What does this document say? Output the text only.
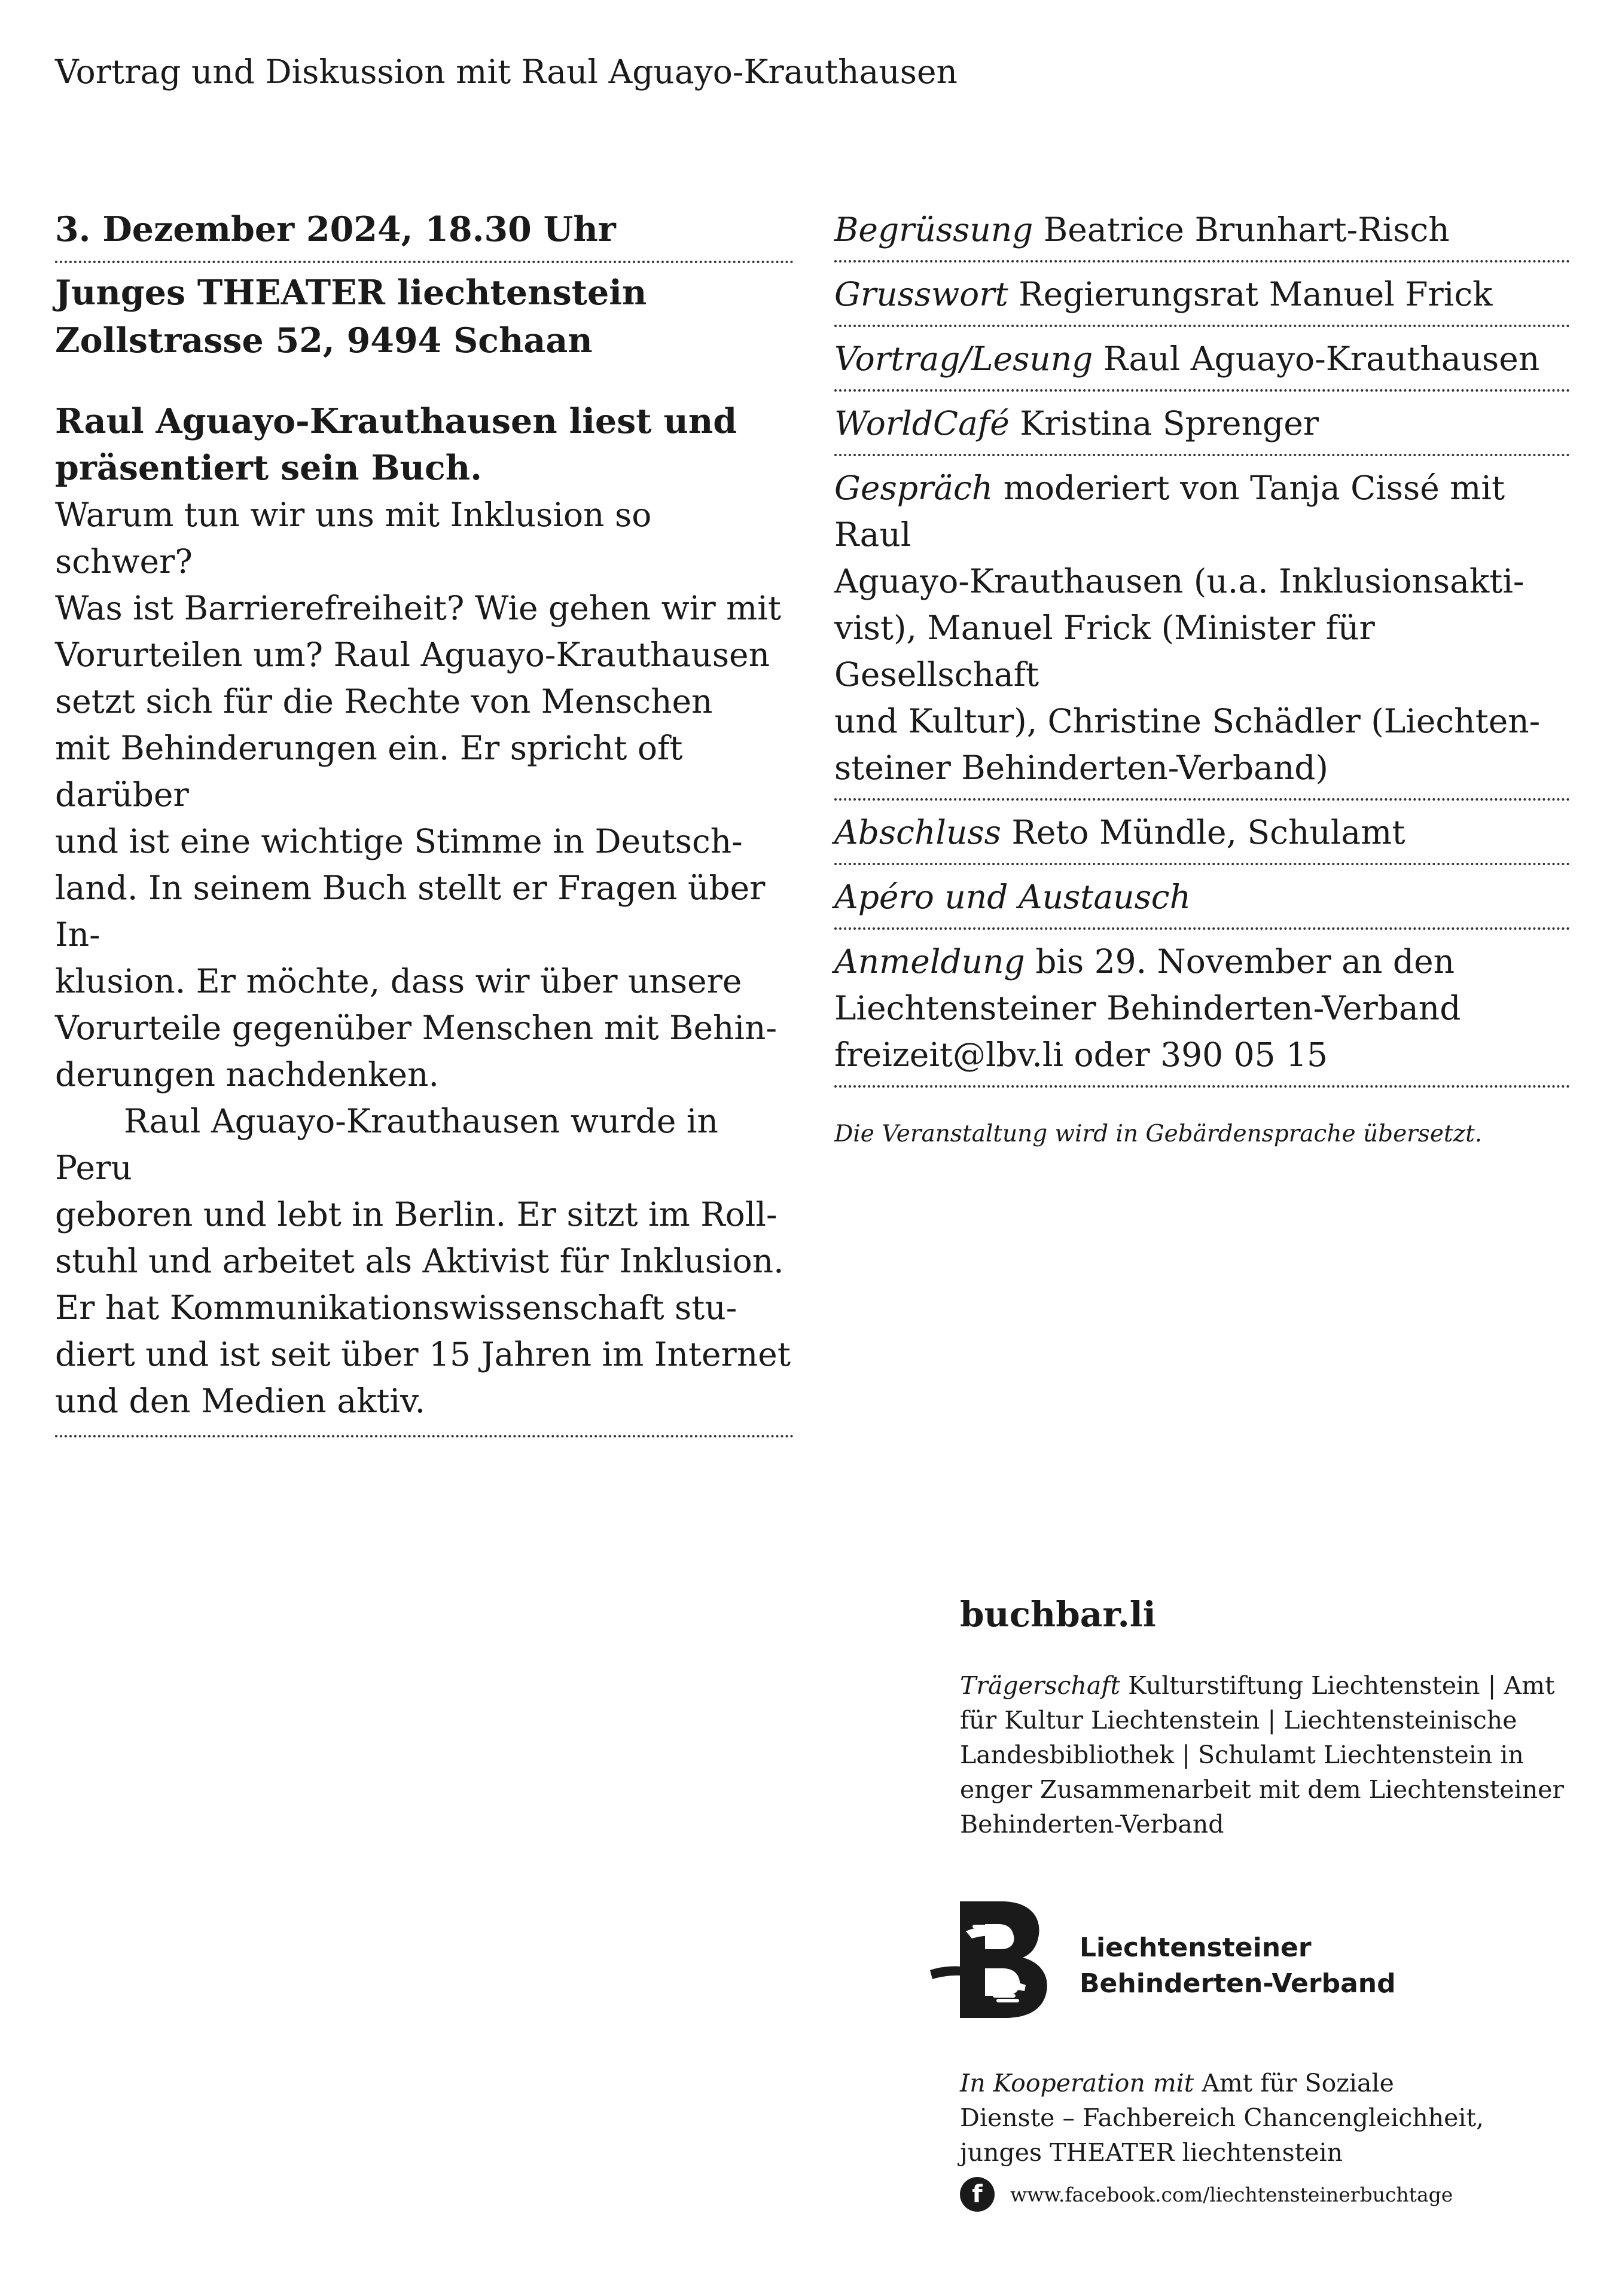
Vortrag und Diskussion mit Raul Aguayo-Krauthausen
3. Dezember 2024, 18.30 Uhr
Junges THEATER liechtenstein
Zollstrasse 52, 9494 Schaan
Raul Aguayo-Krauthausen liest und
präsentiert sein Buch.
Warum tun wir uns mit Inklusion so schwer?
Was ist Barrierefreiheit? Wie gehen wir mit
Vorurteilen um? Raul Aguayo-Krauthausen
setzt sich für die Rechte von Menschen
mit Behinderungen ein. Er spricht oft darüber
und ist eine wichtige Stimme in Deutsch-
land. In seinem Buch stellt er Fragen über In-
klusion. Er möchte, dass wir über unsere
Vorurteile gegenüber Menschen mit Behin-
derungen nachdenken.
Raul Aguayo-Krauthausen wurde in Peru
geboren und lebt in Berlin. Er sitzt im Roll-
stuhl und arbeitet als Aktivist für Inklusion.
Er hat Kommunikationswissenschaft stu-
diert und ist seit über 15 Jahren im Internet
und den Medien aktiv.
Begrüssung Beatrice Brunhart-Risch
Grusswort Regierungsrat Manuel Frick
Vortrag/Lesung Raul Aguayo-Krauthausen
WorldCafé Kristina Sprenger
Gespräch moderiert von Tanja Cissé mit Raul
Aguayo-Krauthausen (u.a. Inklusionsakti-
vist), Manuel Frick (Minister für Gesellschaft
und Kultur), Christine Schädler (Liechten-
steiner Behinderten-Verband)
Abschluss Reto Mündle, Schulamt
Apéro und Austausch
Anmeldung bis 29. November an den
Liechtensteiner Behinderten-Verband
freizeit@lbv.li oder 390 05 15
Die Veranstaltung wird in Gebärdensprache übersetzt.
buchbar.li
Trägerschaft Kulturstiftung Liechtenstein | Amt
für Kultur Liechtenstein | Liechtensteinische
Landesbibliothek | Schulamt Liechtenstein in
enger Zusammenarbeit mit dem Liechtensteiner
Behinderten-Verband
Liechtensteiner
Behinderten-Verband
In Kooperation mit Amt für Soziale
Dienste – Fachbereich Chancengleichheit,
junges THEATER liechtenstein
f	www.facebook.com/liechtensteinerbuchtage
